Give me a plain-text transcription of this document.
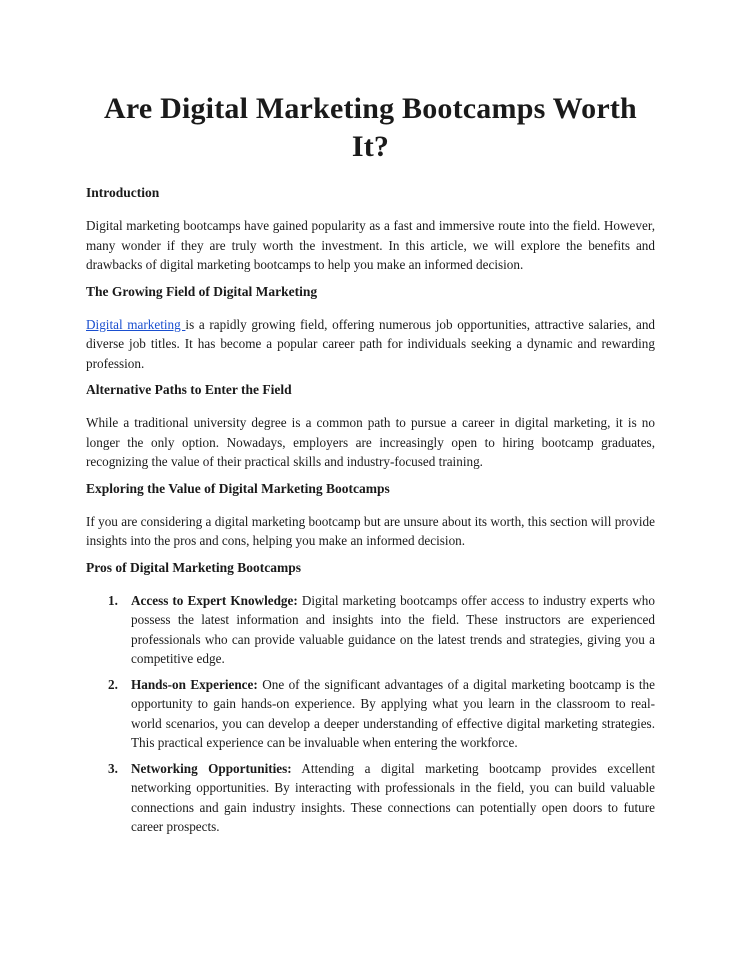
Are Digital Marketing Bootcamps Worth It?
Introduction

Digital marketing bootcamps have gained popularity as a fast and immersive route into the field. However, many wonder if they are truly worth the investment. In this article, we will explore the benefits and drawbacks of digital marketing bootcamps to help you make an informed decision.

The Growing Field of Digital Marketing

Digital marketing is a rapidly growing field, offering numerous job opportunities, attractive salaries, and diverse job titles. It has become a popular career path for individuals seeking a dynamic and rewarding profession.

Alternative Paths to Enter the Field

While a traditional university degree is a common path to pursue a career in digital marketing, it is no longer the only option. Nowadays, employers are increasingly open to hiring bootcamp graduates, recognizing the value of their practical skills and industry-focused training.

Exploring the Value of Digital Marketing Bootcamps

If you are considering a digital marketing bootcamp but are unsure about its worth, this section will provide insights into the pros and cons, helping you make an informed decision.

Pros of Digital Marketing Bootcamps
1. Access to Expert Knowledge: Digital marketing bootcamps offer access to industry experts who possess the latest information and insights into the field. These instructors are experienced professionals who can provide valuable guidance on the latest trends and strategies, giving you a competitive edge.
2. Hands-on Experience: One of the significant advantages of a digital marketing bootcamp is the opportunity to gain hands-on experience. By applying what you learn in the classroom to real-world scenarios, you can develop a deeper understanding of effective digital marketing strategies. This practical experience can be invaluable when entering the workforce.
3. Networking Opportunities: Attending a digital marketing bootcamp provides excellent networking opportunities. By interacting with professionals in the field, you can build valuable connections and gain industry insights. These connections can potentially open doors to future career prospects.
